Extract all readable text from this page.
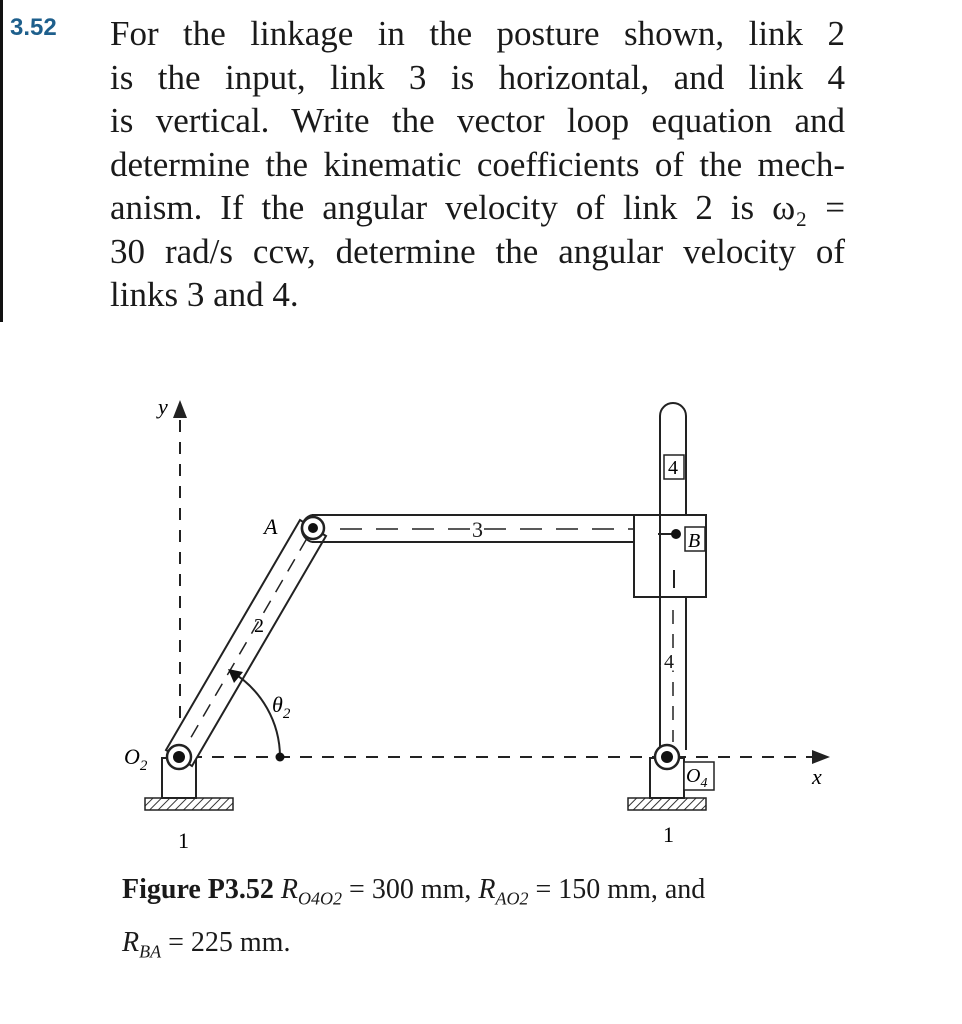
3.52 For the linkage in the posture shown, link 2
is the input, link 3 is horizontal, and link 4
is vertical. Write the vector loop equation and
determine the kinematic coefficients of the mech-
anism. If the angular velocity of link 2 is ω₂ =
30 rad/s ccw, determine the angular velocity of
links 3 and 4.

y
x
1	1
2
3
4
4
B
A
$O_2$	$O_4$
$\theta_2$
Figure P3.52 $R_{O4O2} = 300$ mm, $R_{AO2} = 150$ mm, and
$R_{BA} = 225$ mm.
